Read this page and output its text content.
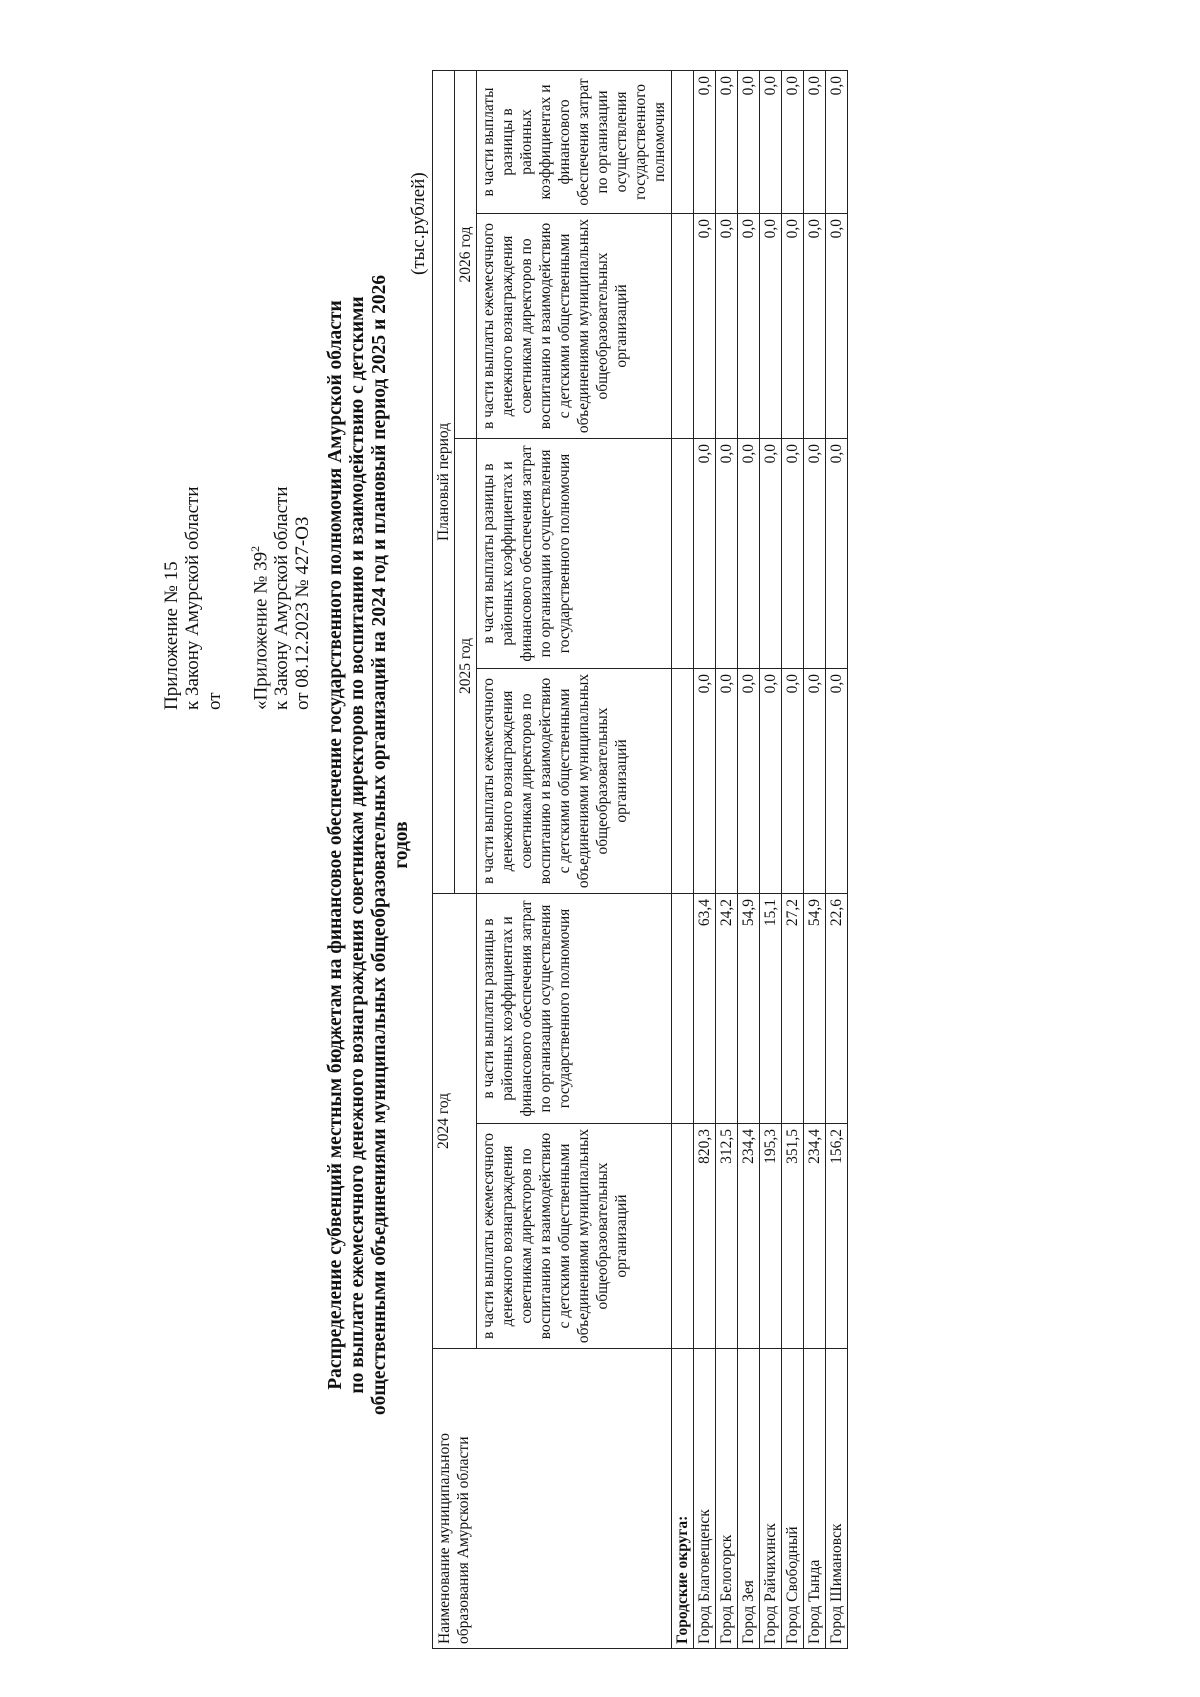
Приложение № 15 к Закону Амурской области от «Приложение № $39^2$ к Закону Амурской области от 08.12.2023 № 427-ОЗ Распределение субвенций местным бюджетам на финансовое обеспечение государственного полномочия Амурской области по выплате ежемесячного денежного вознаграждения советникам директоров по воспитанию и взаимодействию с детскими общественными объединениями муниципальных общеобразовательных организаций на 2024 год и плановый период 2025 и 2026 годов
(тыс.рублей)
Наименование муниципального образования Амурской области	2024 год		Плановый период			
			2025 год		2026 год	
	в части выплаты ежемесячного денежного вознаграждения советникам директоров по воспитанию и взаимодействию с детскими общественными объединениями муниципальных общеобразовательных организаций	в части выплаты разницы в районных коэффициентах и финансового обеспечения затрат по организации осуществления государственного полномочия	в части выплаты ежемесячного денежного вознаграждения советникам директоров по воспитанию и взаимодействию с детскими общественными объединениями муниципальных общеобразовательных организаций	в части выплаты разницы в районных коэффициентах и финансового обеспечения затрат по организации осуществления государственного полномочия	в части выплаты ежемесячного денежного вознаграждения советникам директоров по воспитанию и взаимодействию с детскими общественными объединениями муниципальных общеобразовательных организаций	в части выплаты разницы в районных коэффициентах и финансового обеспечения затрат по организации осуществления государственного полномочия
Городские округа:						
Город Благовещенск	820,3	63,4	0,0	0,0	0,0	0,0
Город Белогорск	312,5	24,2	0,0	0,0	0,0	0,0
Город Зея	234,4	54,9	0,0	0,0	0,0	0,0
Город Райчихинск	195,3	15,1	0,0	0,0	0,0	0,0
Город Свободный	351,5	27,2	0,0	0,0	0,0	0,0
Город Тында	234,4	54,9	0,0	0,0	0,0	0,0
Город Шимановск	156,2	22,6	0,0	0,0	0,0	0,0
